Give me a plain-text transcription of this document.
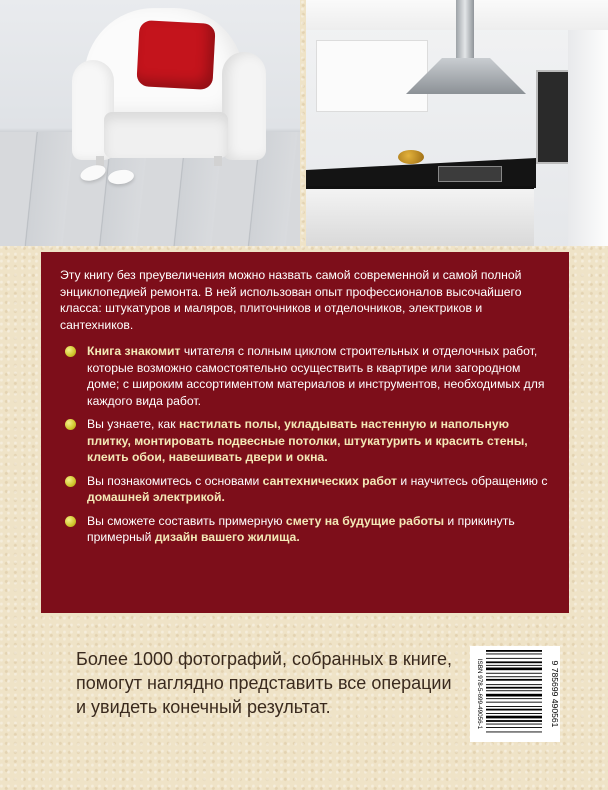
Эту книгу без преувеличения можно назвать самой современной и самой полной энциклопедией ремонта. В ней использован опыт профессионалов высочайшего класса: штукатуров и маляров, плиточников и отделочников, электриков и сантехников.

Книга знакомит читателя с полным циклом строительных и отделочных работ, которые возможно самостоятельно осуществить в квартире или загородном доме; с широким ассортиментом материалов и инструментов, необходимых для каждого вида работ.
Вы узнаете, как настилать полы, укладывать настенную и напольную плитку, монтировать подвесные потолки, штукатурить и красить стены, клеить обои, навешивать двери и окна.
Вы познакомитесь с основами сантехнических работ и научитесь обращению с домашней электрикой.
Вы сможете составить примерную смету на будущие работы и прикинуть примерный дизайн вашего жилища.

Более 1000 фотографий, собранных в книге, помогут наглядно представить все операции и увидеть конечный результат.	ISBN 978-5-699-49056-1	9 785699 490561
